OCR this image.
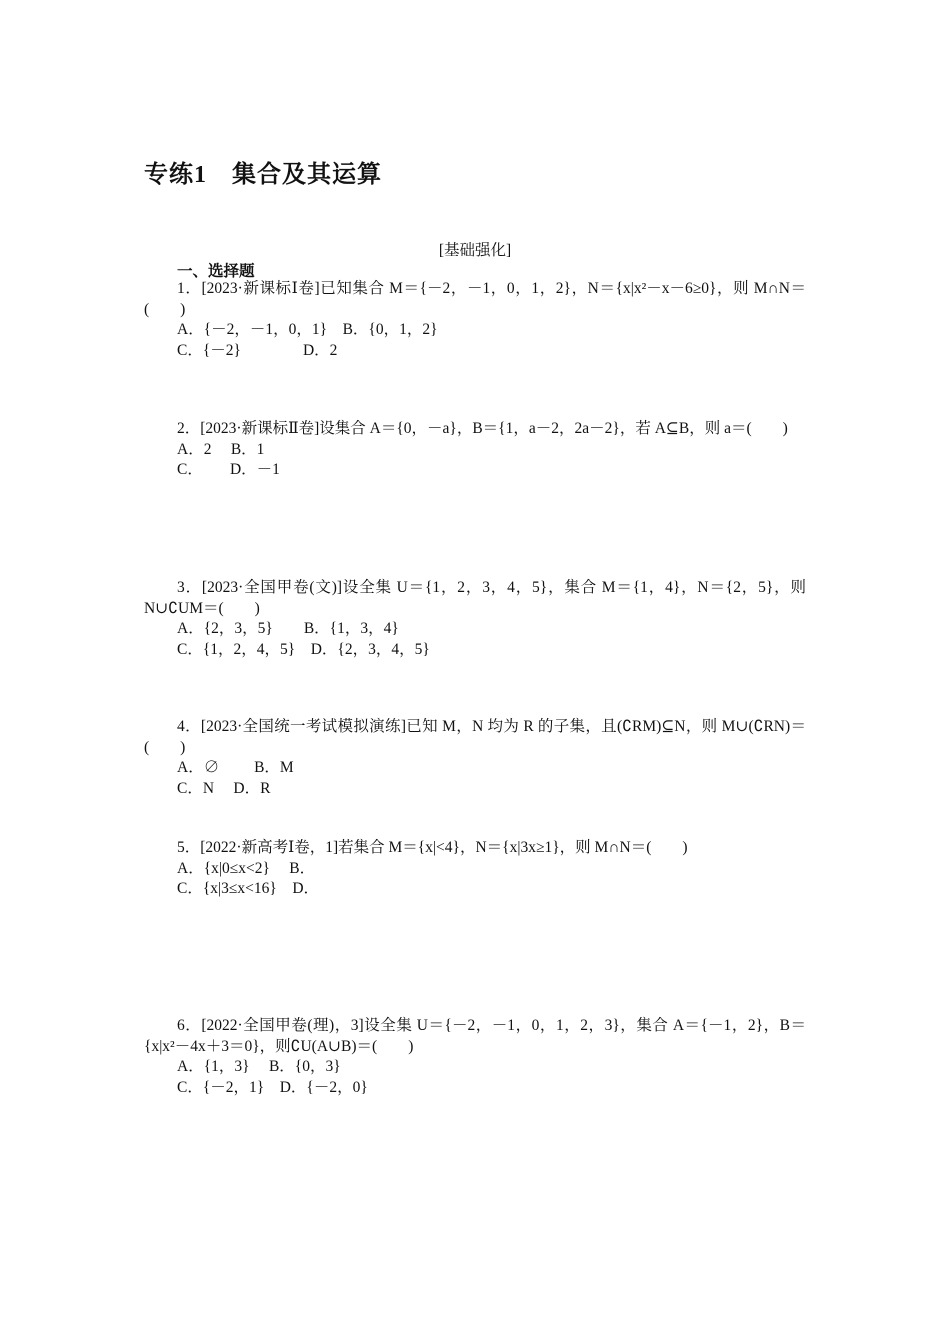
专练1　集合及其运算
[基础强化]
一、选择题
1．[2023·新课标Ⅰ卷]已知集合 M＝{－2，－1，0，1，2}，N＝{x|x²－x－6≥0}，则 M∩N＝(　　)
A．{－2，－1，0，1}　B．{0，1，2}
C．{－2}　　　　D．2
2．[2023·新课标Ⅱ卷]设集合 A＝{0，－a}，B＝{1，a－2，2a－2}，若 A⊆B，则 a＝(　　)
A．2　 B．1
C．　　 D．－1
3．[2023·全国甲卷(文)]设全集 U＝{1，2，3，4，5}，集合 M＝{1，4}，N＝{2，5}，则 N∪∁UM＝(　　)
A．{2，3，5}　　B．{1，3，4}
C．{1，2，4，5}　D．{2，3，4，5}
4．[2023·全国统一考试模拟演练]已知 M，N 均为 R 的子集，且(∁RM)⊆N，则 M∪(∁RN)＝(　　)
A．∅　　 B．M
C．N　 D．R
5．[2022·新高考Ⅰ卷，1]若集合 M＝{x|<4}，N＝{x|3x≥1}，则 M∩N＝(　　)
A．{x|0≤x<2}　 B．
C．{x|3≤x<16}　D．
6．[2022·全国甲卷(理)，3]设全集 U＝{－2，－1，0，1，2，3}，集合 A＝{－1，2}，B＝{x|x²－4x＋3＝0}，则∁U(A∪B)＝(　　)
A．{1，3}　 B．{0，3}
C．{－2，1}　D．{－2，0}
